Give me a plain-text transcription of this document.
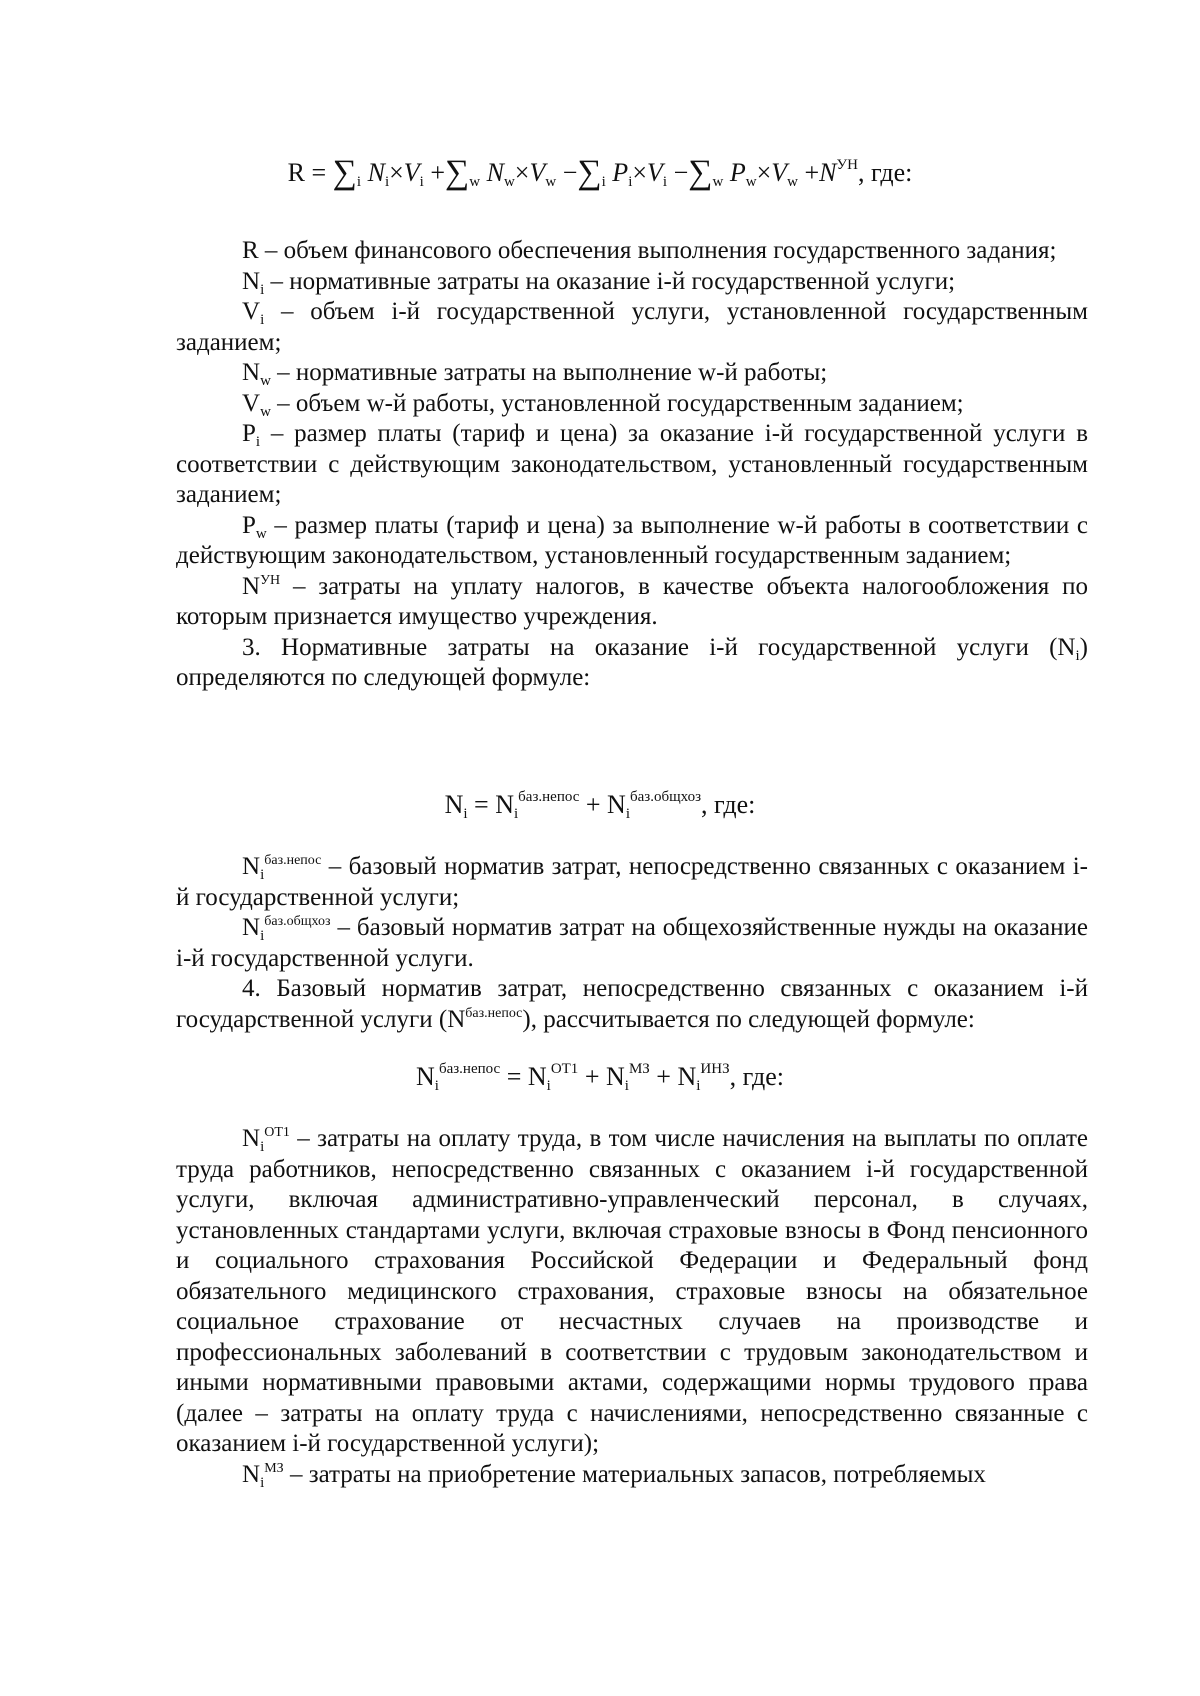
$R = \sum_i$ $N_i\times V_i +\sum_w$ $N_w\times V_w -\sum_i$ $P_i\times V_i -\sum_w$ $P_w\times V_w +N^{УН}$, где:

R – объем финансового обеспечения выполнения государственного задания;

$N_i$ – нормативные затраты на оказание i-й государственной услуги;

$V_i$ – объем i-й государственной услуги, установленной государственным заданием;

$N_w$ – нормативные затраты на выполнение w-й работы;

$V_w$ – объем w-й работы, установленной государственным заданием;

$P_i$ – размер платы (тариф и цена) за оказание i-й государственной услуги в соответствии с действующим законодательством, установленный государственным заданием;

$P_w$ – размер платы (тариф и цена) за выполнение w-й работы в соответствии с действующим законодательством, установленный государственным заданием;

$N^{УН}$ – затраты на уплату налогов, в качестве объекта налогообложения по которым признается имущество учреждения.

3. Нормативные затраты на оказание i-й государственной услуги $(N_i)$ определяются по следующей формуле:

$N_i = N_i^{баз.непос} + N_i^{баз.общхоз}$, где:

$N_i^{баз.непос}$ – базовый норматив затрат, непосредственно связанных с оказанием i-й государственной услуги;

$N_i^{баз.общхоз}$ – базовый норматив затрат на общехозяйственные нужды на оказание i-й государственной услуги.

4. Базовый норматив затрат, непосредственно связанных с оказанием i-й государственной услуги $(N^{баз.непос})$, рассчитывается по следующей формуле:

$N_i^{баз.непос} = N_i^{ОТ1} + N_i^{МЗ} + N_i^{ИНЗ}$, где:

$N_i^{ОТ1}$ – затраты на оплату труда, в том числе начисления на выплаты по оплате труда работников, непосредственно связанных с оказанием i-й государственной услуги, включая административно-управленческий персонал, в случаях, установленных стандартами услуги, включая страховые взносы в Фонд пенсионного и социального страхования Российской Федерации и Федеральный фонд обязательного медицинского страхования, страховые взносы на обязательное социальное страхование от несчастных случаев на производстве и профессиональных заболеваний в соответствии с трудовым законодательством и иными нормативными правовыми актами, содержащими нормы трудового права (далее – затраты на оплату труда с начислениями, непосредственно связанные с оказанием i-й государственной услуги);

$N_i^{МЗ}$ – затраты на приобретение материальных запасов, потребляемых
